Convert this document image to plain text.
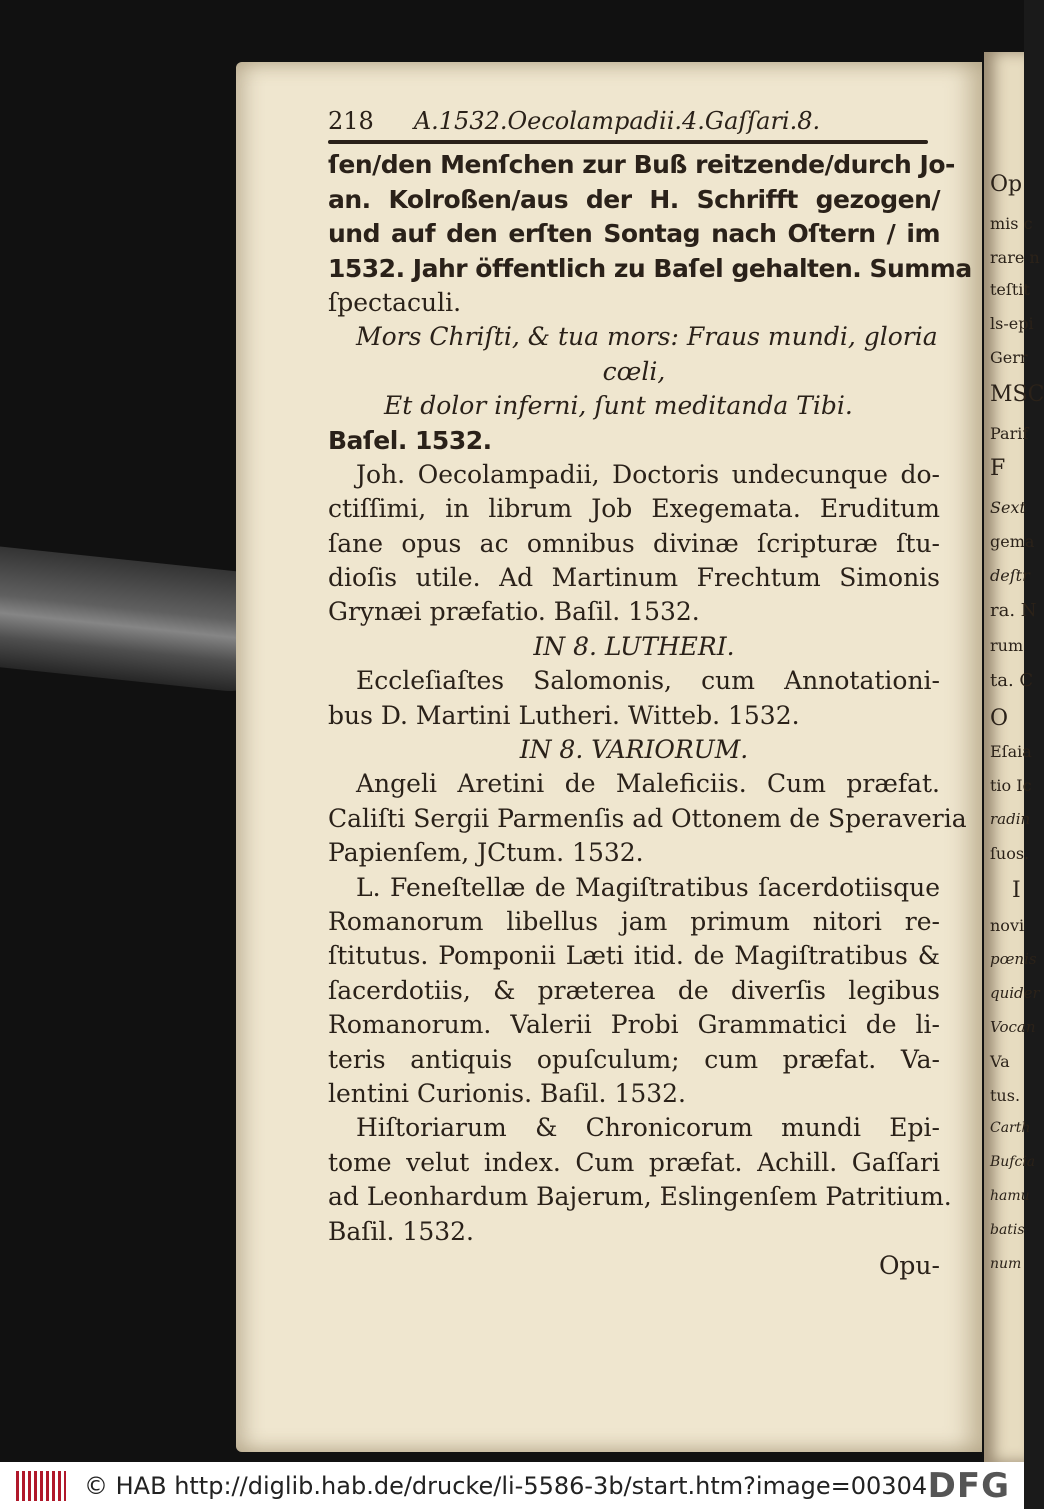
Op
mis c
rare n
teſtit
ls-epi
Gerr
MSC
Parif
F
Sext
gema
deſtr
ra. N
rum
ta. C
O
Eſaia
tio Ic
radin
ſuos.
I
novi
pœnis
quider
Vocan
Va
tus.
Carth
Bufcia
hamu
batis
num
218 A.1532.Oecolampadii.4.Gaſſari.8.
ſen/den Menſchen zur Buß reitzende/durch Jo-
an. Kolroßen/aus der H. Schrifft gezogen/
und auf den erſten Sontag nach Oſtern / im
1532. Jahr öffentlich zu Baſel gehalten. Summa
ſpectaculi.
Mors Chriſti, & tua mors: Fraus mundi, gloria
cœli,
Et dolor inferni, ſunt meditanda Tibi.
Baſel. 1532.
Joh. Oecolampadii, Doctoris undecunque do-
ctiſſimi, in librum Job Exegemata. Eruditum
ſane opus ac omnibus divinæ ſcripturæ ſtu-
dioſis utile. Ad Martinum Frechtum Simonis
Grynæi præfatio. Baſil. 1532.
IN 8. LUTHERI.
Eccleſiaſtes Salomonis, cum Annotationi-
bus D. Martini Lutheri. Witteb. 1532.
IN 8. VARIORUM.
Angeli Aretini de Maleficiis. Cum præfat.
Caliſti Sergii Parmenſis ad Ottonem de Speraveria
Papienſem, JCtum. 1532.
L. Feneſtellæ de Magiſtratibus ſacerdotiisque
Romanorum libellus jam primum nitori re-
ſtitutus. Pomponii Læti itid. de Magiſtratibus &
ſacerdotiis, & præterea de diverſis legibus
Romanorum. Valerii Probi Grammatici de li-
teris antiquis opuſculum; cum præfat. Va-
lentini Curionis. Baſil. 1532.
Hiſtoriarum & Chronicorum mundi Epi-
tome velut index. Cum præfat. Achill. Gaſſari
ad Leonhardum Bajerum, Eslingenſem Patritium.
Baſil. 1532.
Opu-
© HAB http://diglib.hab.de/drucke/li-5586-3b/start.htm?image=00304 DFG
